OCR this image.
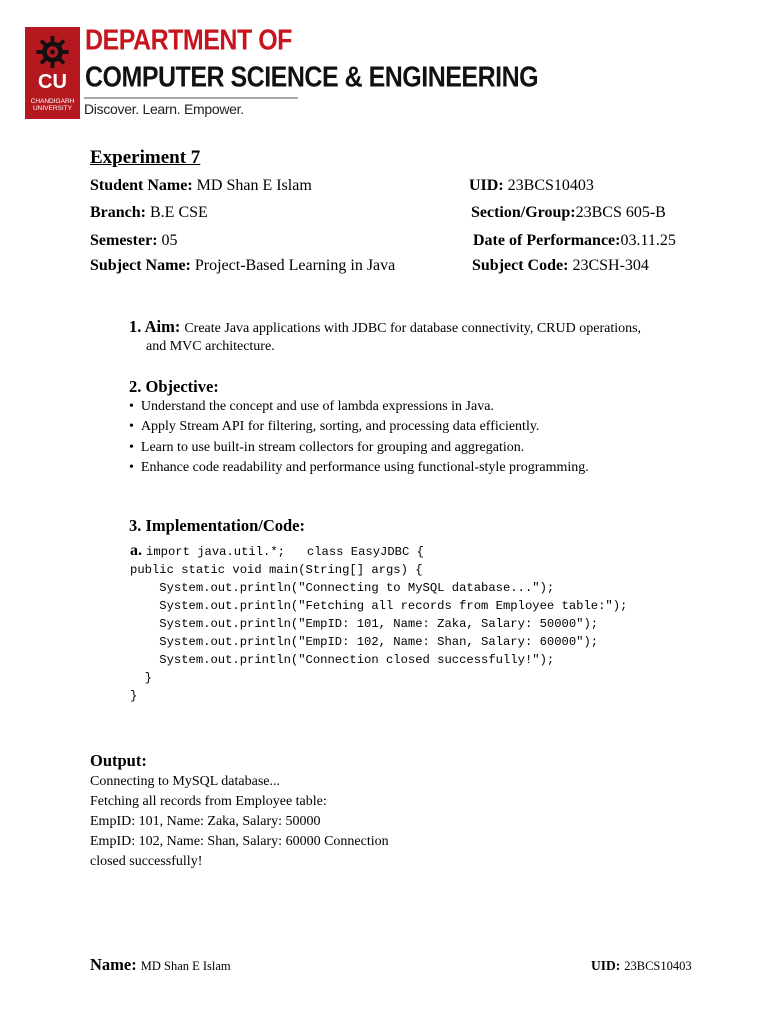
CU
CHANDIGARH UNIVERSITY
DEPARTMENT OF
COMPUTER SCIENCE & ENGINEERING
Discover. Learn. Empower.
Experiment 7
Student Name: MD Shan E Islam	UID: 23BCS10403
Branch: B.E CSE	Section/Group:23BCS 605-B
Semester: 05	Date of Performance:03.11.25
Subject Name: Project-Based Learning in Java	Subject Code: 23CSH-304
1. Aim: Create Java applications with JDBC for database connectivity, CRUD operations,
and MVC architecture.
2. Objective:
•  Understand the concept and use of lambda expressions in Java.
•  Apply Stream API for filtering, sorting, and processing data efficiently.
•  Learn to use built-in stream collectors for grouping and aggregation.
•  Enhance code readability and performance using functional-style programming.
3. Implementation/Code:
a. import java.util.*;   class EasyJDBC {
public static void main(String[] args) {
System.out.println("Connecting to MySQL database...");
System.out.println("Fetching all records from Employee table:");
System.out.println("EmpID: 101, Name: Zaka, Salary: 50000");
System.out.println("EmpID: 102, Name: Shan, Salary: 60000");
System.out.println("Connection closed successfully!");
}
}
Output:
Connecting to MySQL database...
Fetching all records from Employee table:
EmpID: 101, Name: Zaka, Salary: 50000
EmpID: 102, Name: Shan, Salary: 60000 Connection
closed successfully!
Name: MD Shan E Islam	UID: 23BCS10403
